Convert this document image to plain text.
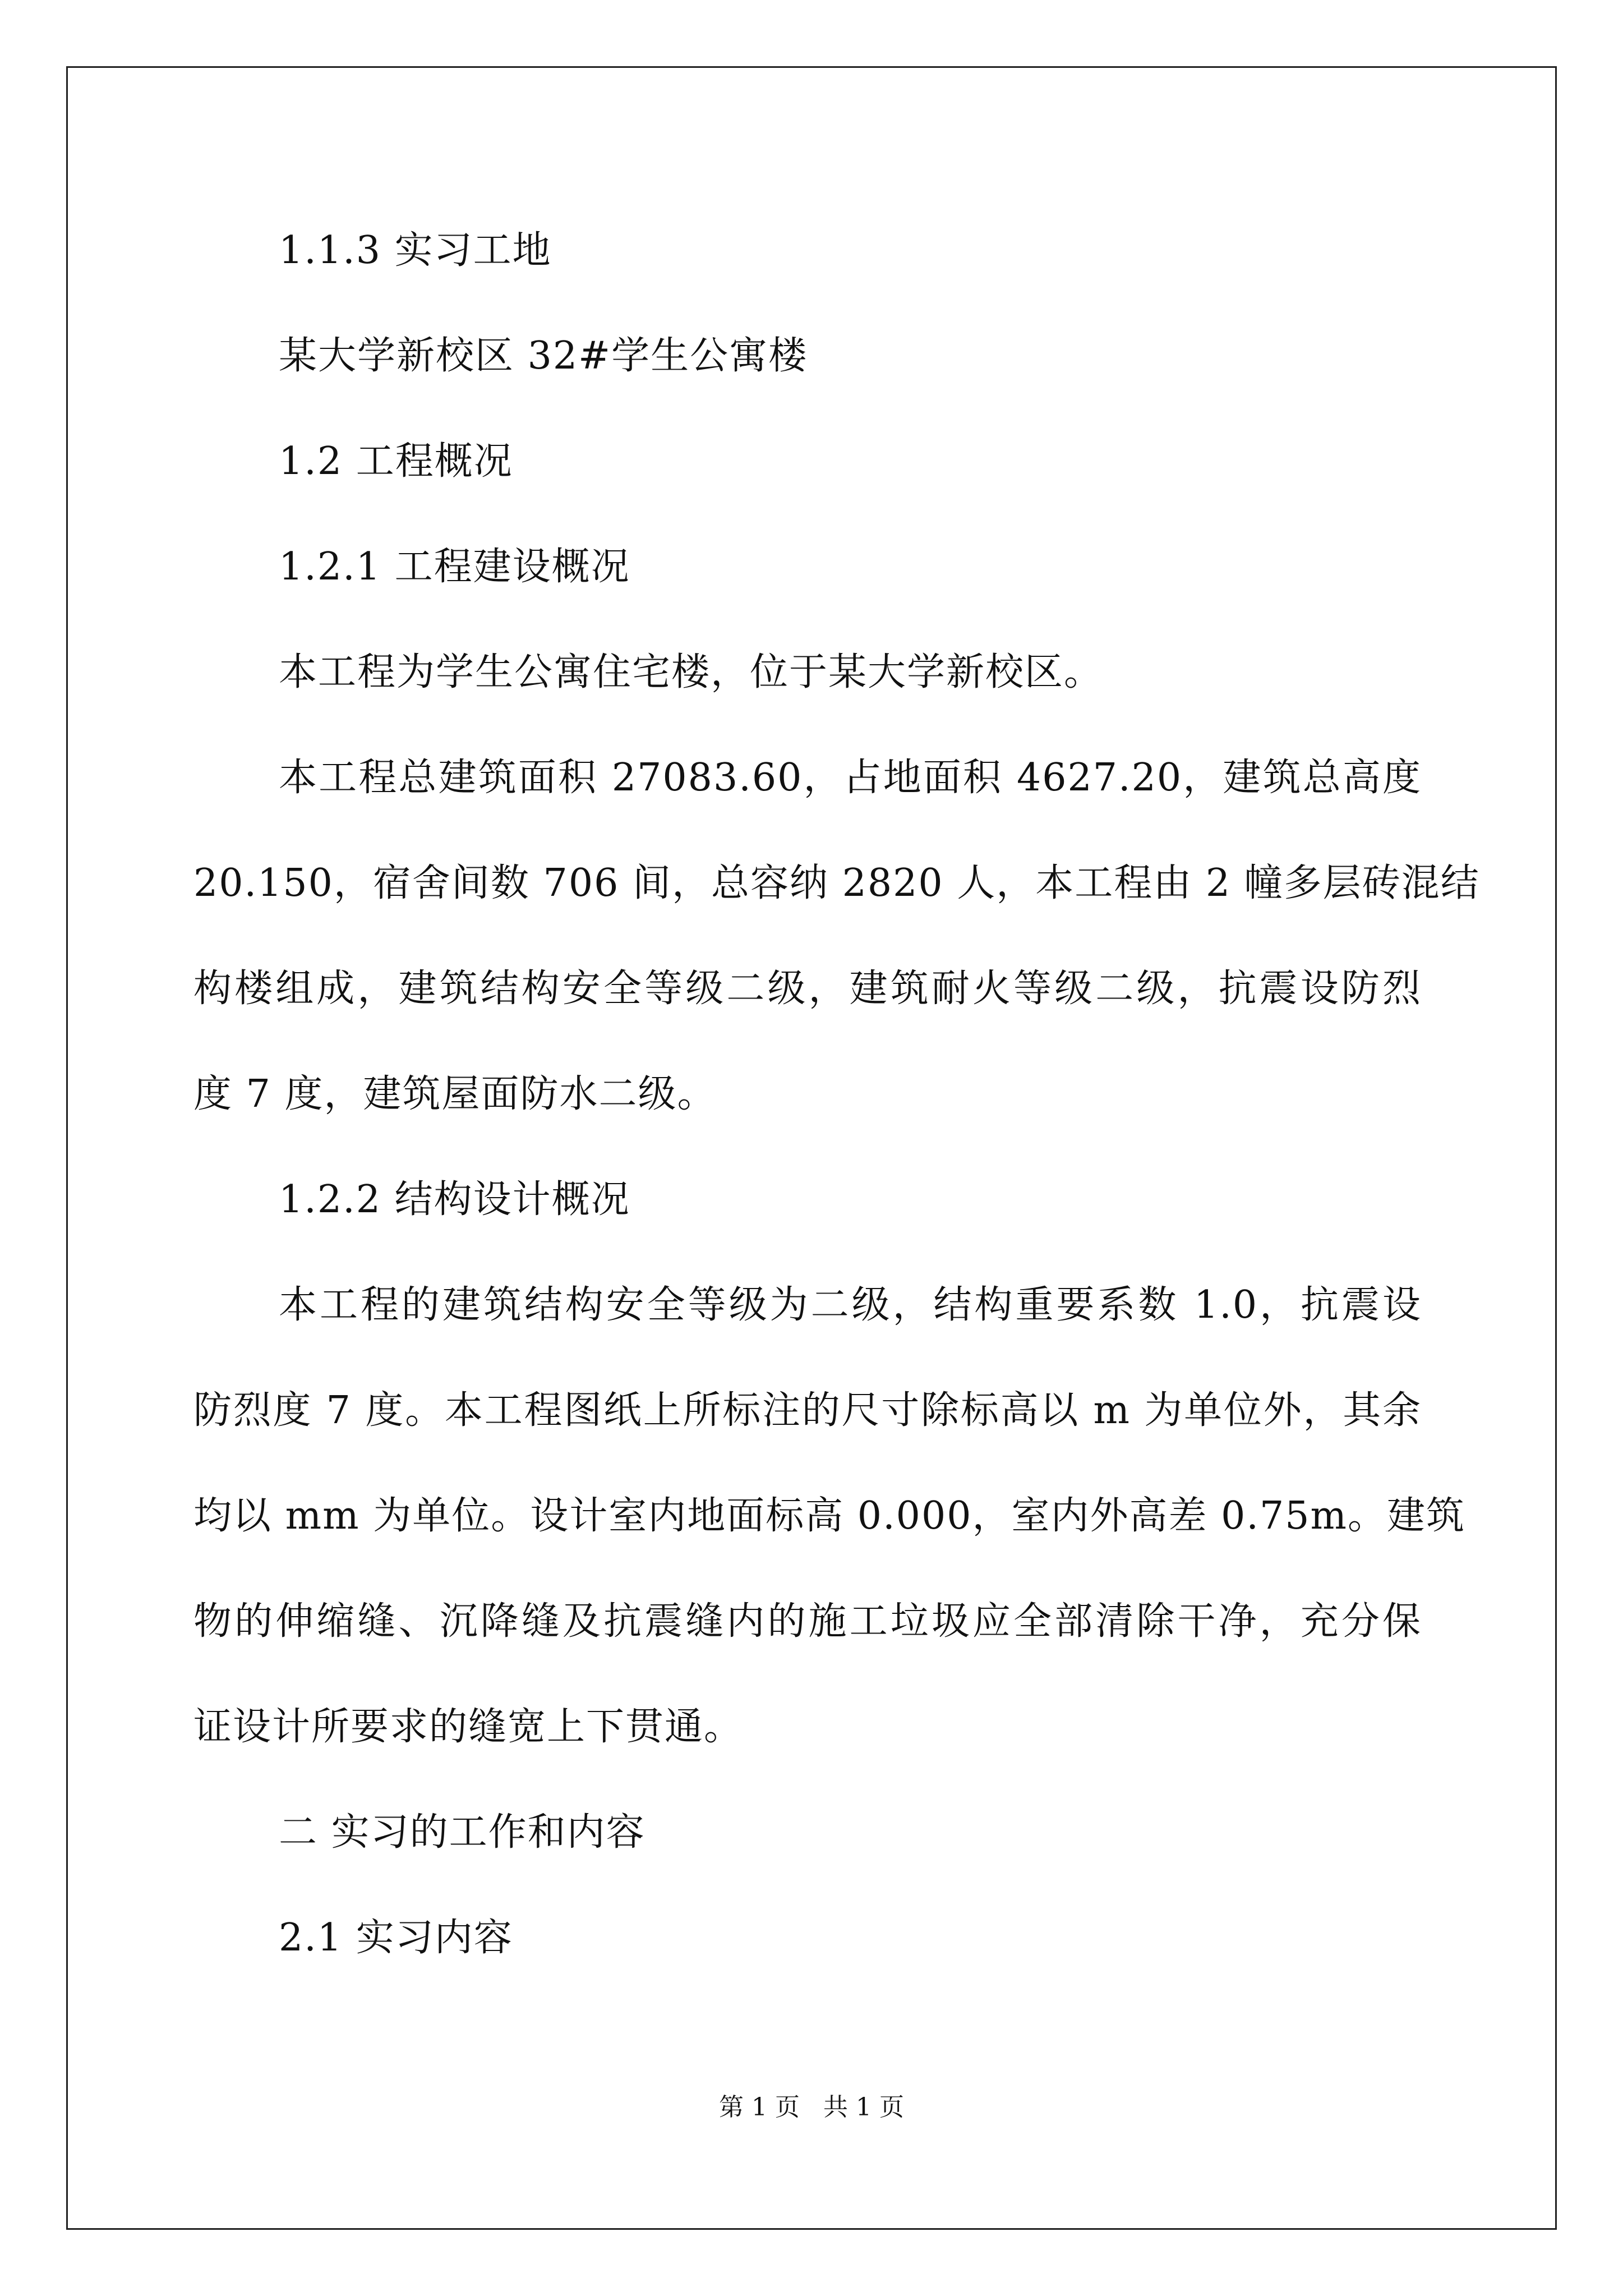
1.1.3 实习工地
某大学新校区 32#学生公寓楼
1.2 工程概况
1.2.1 工程建设概况
本工程为学生公寓住宅楼，位于某大学新校区。
本工程总建筑面积 27083.60，占地面积 4627.20，建筑总高度
20.150，宿舍间数 706 间，总容纳 2820 人，本工程由 2 幢多层砖混结
构楼组成，建筑结构安全等级二级，建筑耐火等级二级，抗震设防烈
度 7 度，建筑屋面防水二级。
1.2.2 结构设计概况
本工程的建筑结构安全等级为二级，结构重要系数 1.0，抗震设
防烈度 7 度。本工程图纸上所标注的尺寸除标高以 m 为单位外，其余
均以 mm 为单位。设计室内地面标高 0.000，室内外高差 0.75m。建筑
物的伸缩缝、沉降缝及抗震缝内的施工垃圾应全部清除干净，充分保
证设计所要求的缝宽上下贯通。
二 实习的工作和内容
2.1 实习内容
第 1 页   共 1 页
